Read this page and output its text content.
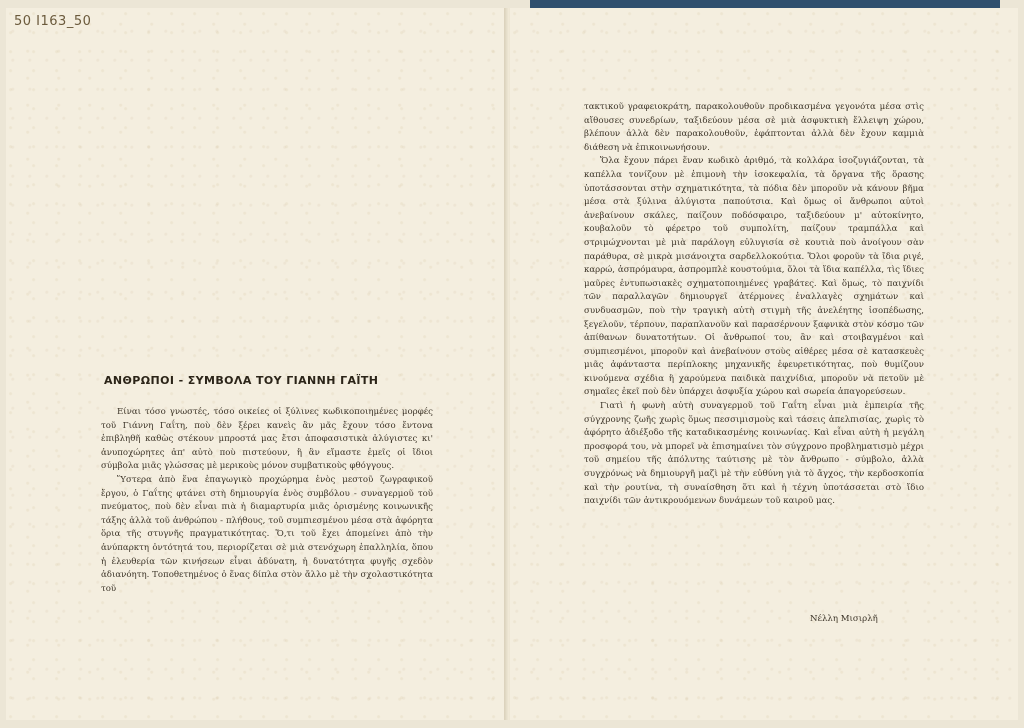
50 Ι163_50
ΑΝΘΡΩΠΟΙ - ΣΥΜΒΟΛΑ ΤΟΥ ΓΙΑΝΝΗ ΓΑΪΤΗ

Είναι τόσο γνωστές, τόσο οικείες οἱ ξύλινες κωδικοποιημένες μορφές τοῦ Γιάννη Γαΐτη, ποὺ δὲν ξέρει κανεὶς ἂν μᾶς ἔχουν τόσο ἔντονα ἐπιβληθῆ καθὼς στέκουν μπροστά μας ἔτσι ἀποφασιστικὰ ἀλύγιστες κι' ἀνυποχώρητες ἀπ' αὐτὸ ποὺ πιστεύουν, ἢ ἂν εἴμαστε ἐμεῖς οἱ ἴδιοι σύμβολα μιᾶς γλώσσας μὲ μερικοὺς μόνον συμβατικοὺς φθόγγους.

Ὕστερα ἀπὸ ἕνα ἐπαγωγικὸ προχώρημα ἑνὸς μεστοῦ ζωγραφικοῦ ἔργου, ὁ Γαΐτης φτάνει στὴ δημιουργία ἑνὸς συμβόλου - συναγερμοῦ τοῦ πνεύματος, ποὺ δὲν εἶναι πιὰ ἡ διαμαρτυρία μιᾶς ὁρισμένης κοινωνικῆς τάξης ἀλλὰ τοῦ ἀνθρώπου - πλήθους, τοῦ συμπιεσμένου μέσα στὰ ἀφόρητα ὅρια τῆς στυγνῆς πραγματικότητας. Ὅ,τι τοῦ ἔχει ἀπομείνει ἀπὸ τὴν ἀνύπαρκτη ὀντότητά του, περιορίζεται σὲ μιὰ στενόχωρη ἐπαλληλία, ὅπου ἡ ἐλευθερία τῶν κινήσεων εἶναι ἀδύνατη, ἡ δυνατότητα φυγῆς σχεδὸν ἀδιανόητη. Τοποθετημένος ὁ ἕνας δίπλα στὸν ἄλλο μὲ τὴν σχολαστικότητα τοῦ

τακτικοῦ γραφειοκράτη, παρακολουθοῦν προδικασμένα γεγονότα μέσα στὶς αἴθουσες συνεδρίων, ταξιδεύουν μέσα σὲ μιὰ ἀσφυκτικὴ ἔλλειψη χώρου, βλέπουν ἀλλὰ δὲν παρακολουθοῦν, ἐφάπτονται ἀλλὰ δὲν ἔχουν καμμιὰ διάθεση νὰ ἐπικοινωνήσουν.

Ὅλα ἔχουν πάρει ἕναν κωδικὸ ἀριθμό, τὰ κολλάρα ἰσοζυγιάζονται, τὰ καπέλλα τονίζουν μὲ ἐπιμονὴ τὴν ἰσοκεφαλία, τὰ ὄργανα τῆς ὅρασης ὑποτάσσονται στὴν σχηματικότητα, τὰ πόδια δὲν μποροῦν νὰ κάνουν βῆμα μέσα στὰ ξύλινα ἀλύγιστα παπούτσια. Καὶ ὅμως οἱ ἄνθρωποι αὐτοὶ ἀνεβαίνουν σκάλες, παίζουν ποδόσφαιρο, ταξιδεύουν μ' αὐτοκίνητο, κουβαλοῦν τὸ φέρετρο τοῦ συμπολίτη, παίζουν τραμπάλλα καὶ στριμώχνονται μὲ μιὰ παράλογη εὐλυγισία σὲ κουτιὰ ποὺ ἀνοίγουν σὰν παράθυρα, σὲ μικρὰ μισάνοιχτα σαρδελλοκούτια. Ὅλοι φοροῦν τὰ ἴδια ριγέ, καρρώ, ἀσπρόμαυρα, ἀσπρομπλὲ κουστούμια, ὅλοι τὰ ἴδια καπέλλα, τὶς ἴδιες μαῦρες ἐντυπωσιακὲς σχηματοποιημένες γραβάτες. Καὶ ὅμως, τὸ παιχνίδι τῶν παραλλαγῶν δημιουργεῖ ἀτέρμονες ἐναλλαγὲς σχημάτων καὶ συνδυασμῶν, ποὺ τὴν τραγικὴ αὐτὴ στιγμὴ τῆς ἀνελέητης ἰσοπέδωσης, ξεγελοῦν, τέρπουν, παραπλανοῦν καὶ παρασέρνουν ξαφνικὰ στὸν κόσμο τῶν ἀπίθανων δυνατοτήτων. Οἱ ἄνθρωποί του, ἂν καὶ στοιβαγμένοι καὶ συμπιεσμένοι, μποροῦν καὶ ἀνεβαίνουν στοὺς αἰθέρες μέσα σὲ κατασκευὲς μιᾶς ἀφάνταστα περίπλοκης μηχανικῆς ἐφευρετικότητας, ποὺ θυμίζουν κινούμενα σχέδια ἢ χαρούμενα παιδικὰ παιχνίδια, μποροῦν νὰ πετοῦν μὲ σημαῖες ἐκεῖ ποὺ δὲν ὑπάρχει ἀσφυξία χώρου καὶ σωρεία ἀπαγορεύσεων.

Γιατὶ ἡ φωνὴ αὐτὴ συναγερμοῦ τοῦ Γαΐτη εἶναι μιὰ ἐμπειρία τῆς σύγχρονης ζωῆς χωρὶς ὅμως πεσσιμισμοὺς καὶ τάσεις ἀπελπισίας, χωρὶς τὸ ἀφόρητο ἀδιέξοδο τῆς καταδικασμένης κοινωνίας. Καὶ εἶναι αὐτὴ ἡ μεγάλη προσφορά του, νὰ μπορεῖ νὰ ἐπισημαίνει τὸν σύγχρονο προβληματισμὸ μέχρι τοῦ σημείου τῆς ἀπόλυτης ταύτισης μὲ τὸν ἄνθρωπο - σύμβολο, ἀλλὰ συγχρόνως νὰ δημιουργῆ μαζὶ μὲ τὴν εὐθύνη γιὰ τὸ ἄγχος, τὴν κερδοσκοπία καὶ τὴν ρουτίνα, τὴ συναίσθηση ὅτι καὶ ἡ τέχνη ὑποτάσσεται στὸ ἴδιο παιχνίδι τῶν ἀντικρουόμενων δυνάμεων τοῦ καιροῦ μας.

Νέλλη Μισιρλῆ
